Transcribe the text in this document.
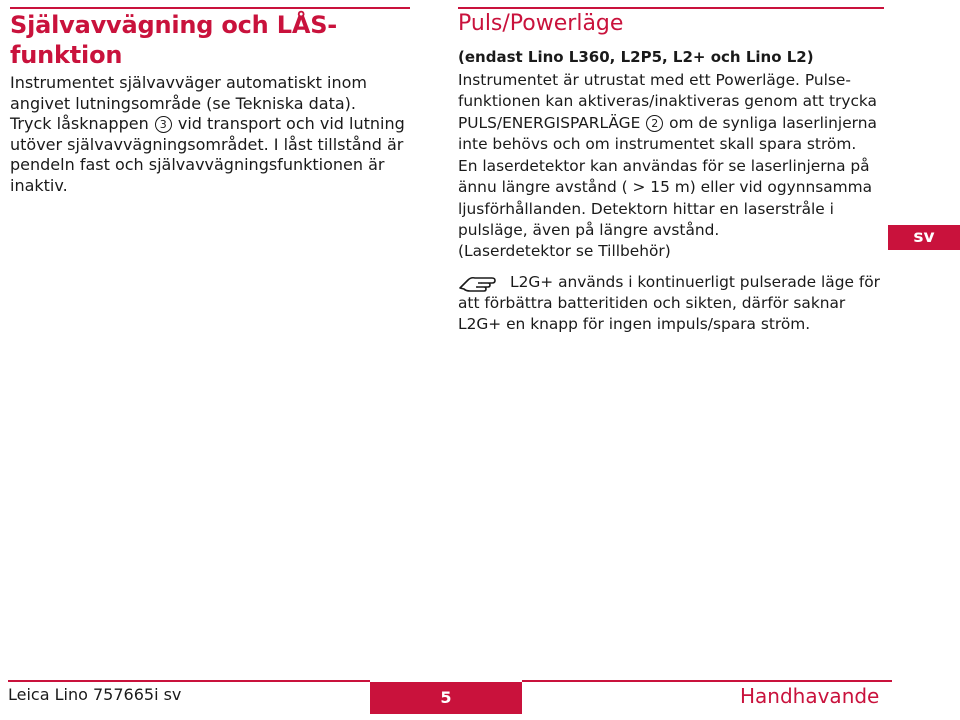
Självavvägning och LÅS-funktion

Instrumentet självavväger automatiskt inom angivet lutningsområde (se Tekniska data).

Tryck låsknappen 3 vid transport och vid lutning utöver självavvägningsområdet. I låst tillstånd är pendeln fast och självavvägningsfunktionen är inaktiv.

Puls/Powerläge
(endast Lino L360, L2P5, L2+ och Lino L2)

Instrumentet är utrustat med ett Powerläge. Pulse-funktionen kan aktiveras/inaktiveras genom att trycka PULS/ENERGISPARLÄGE 2 om de synliga laserlinjerna inte behövs och om instrumentet skall spara ström.

En laserdetektor kan användas för se laserlinjerna på ännu längre avstånd ( > 15 m) eller vid ogynnsamma ljusförhållanden. Detektorn hittar en laserstråle i pulsläge, även på längre avstånd.

(Laserdetektor se Tillbehör)

L2G+ används i kontinuerligt pulserade läge för att förbättra batteritiden och sikten, därför saknar L2G+ en knapp för ingen impuls/spara ström.
sv
Leica Lino 757665i sv	5	Handhavande
